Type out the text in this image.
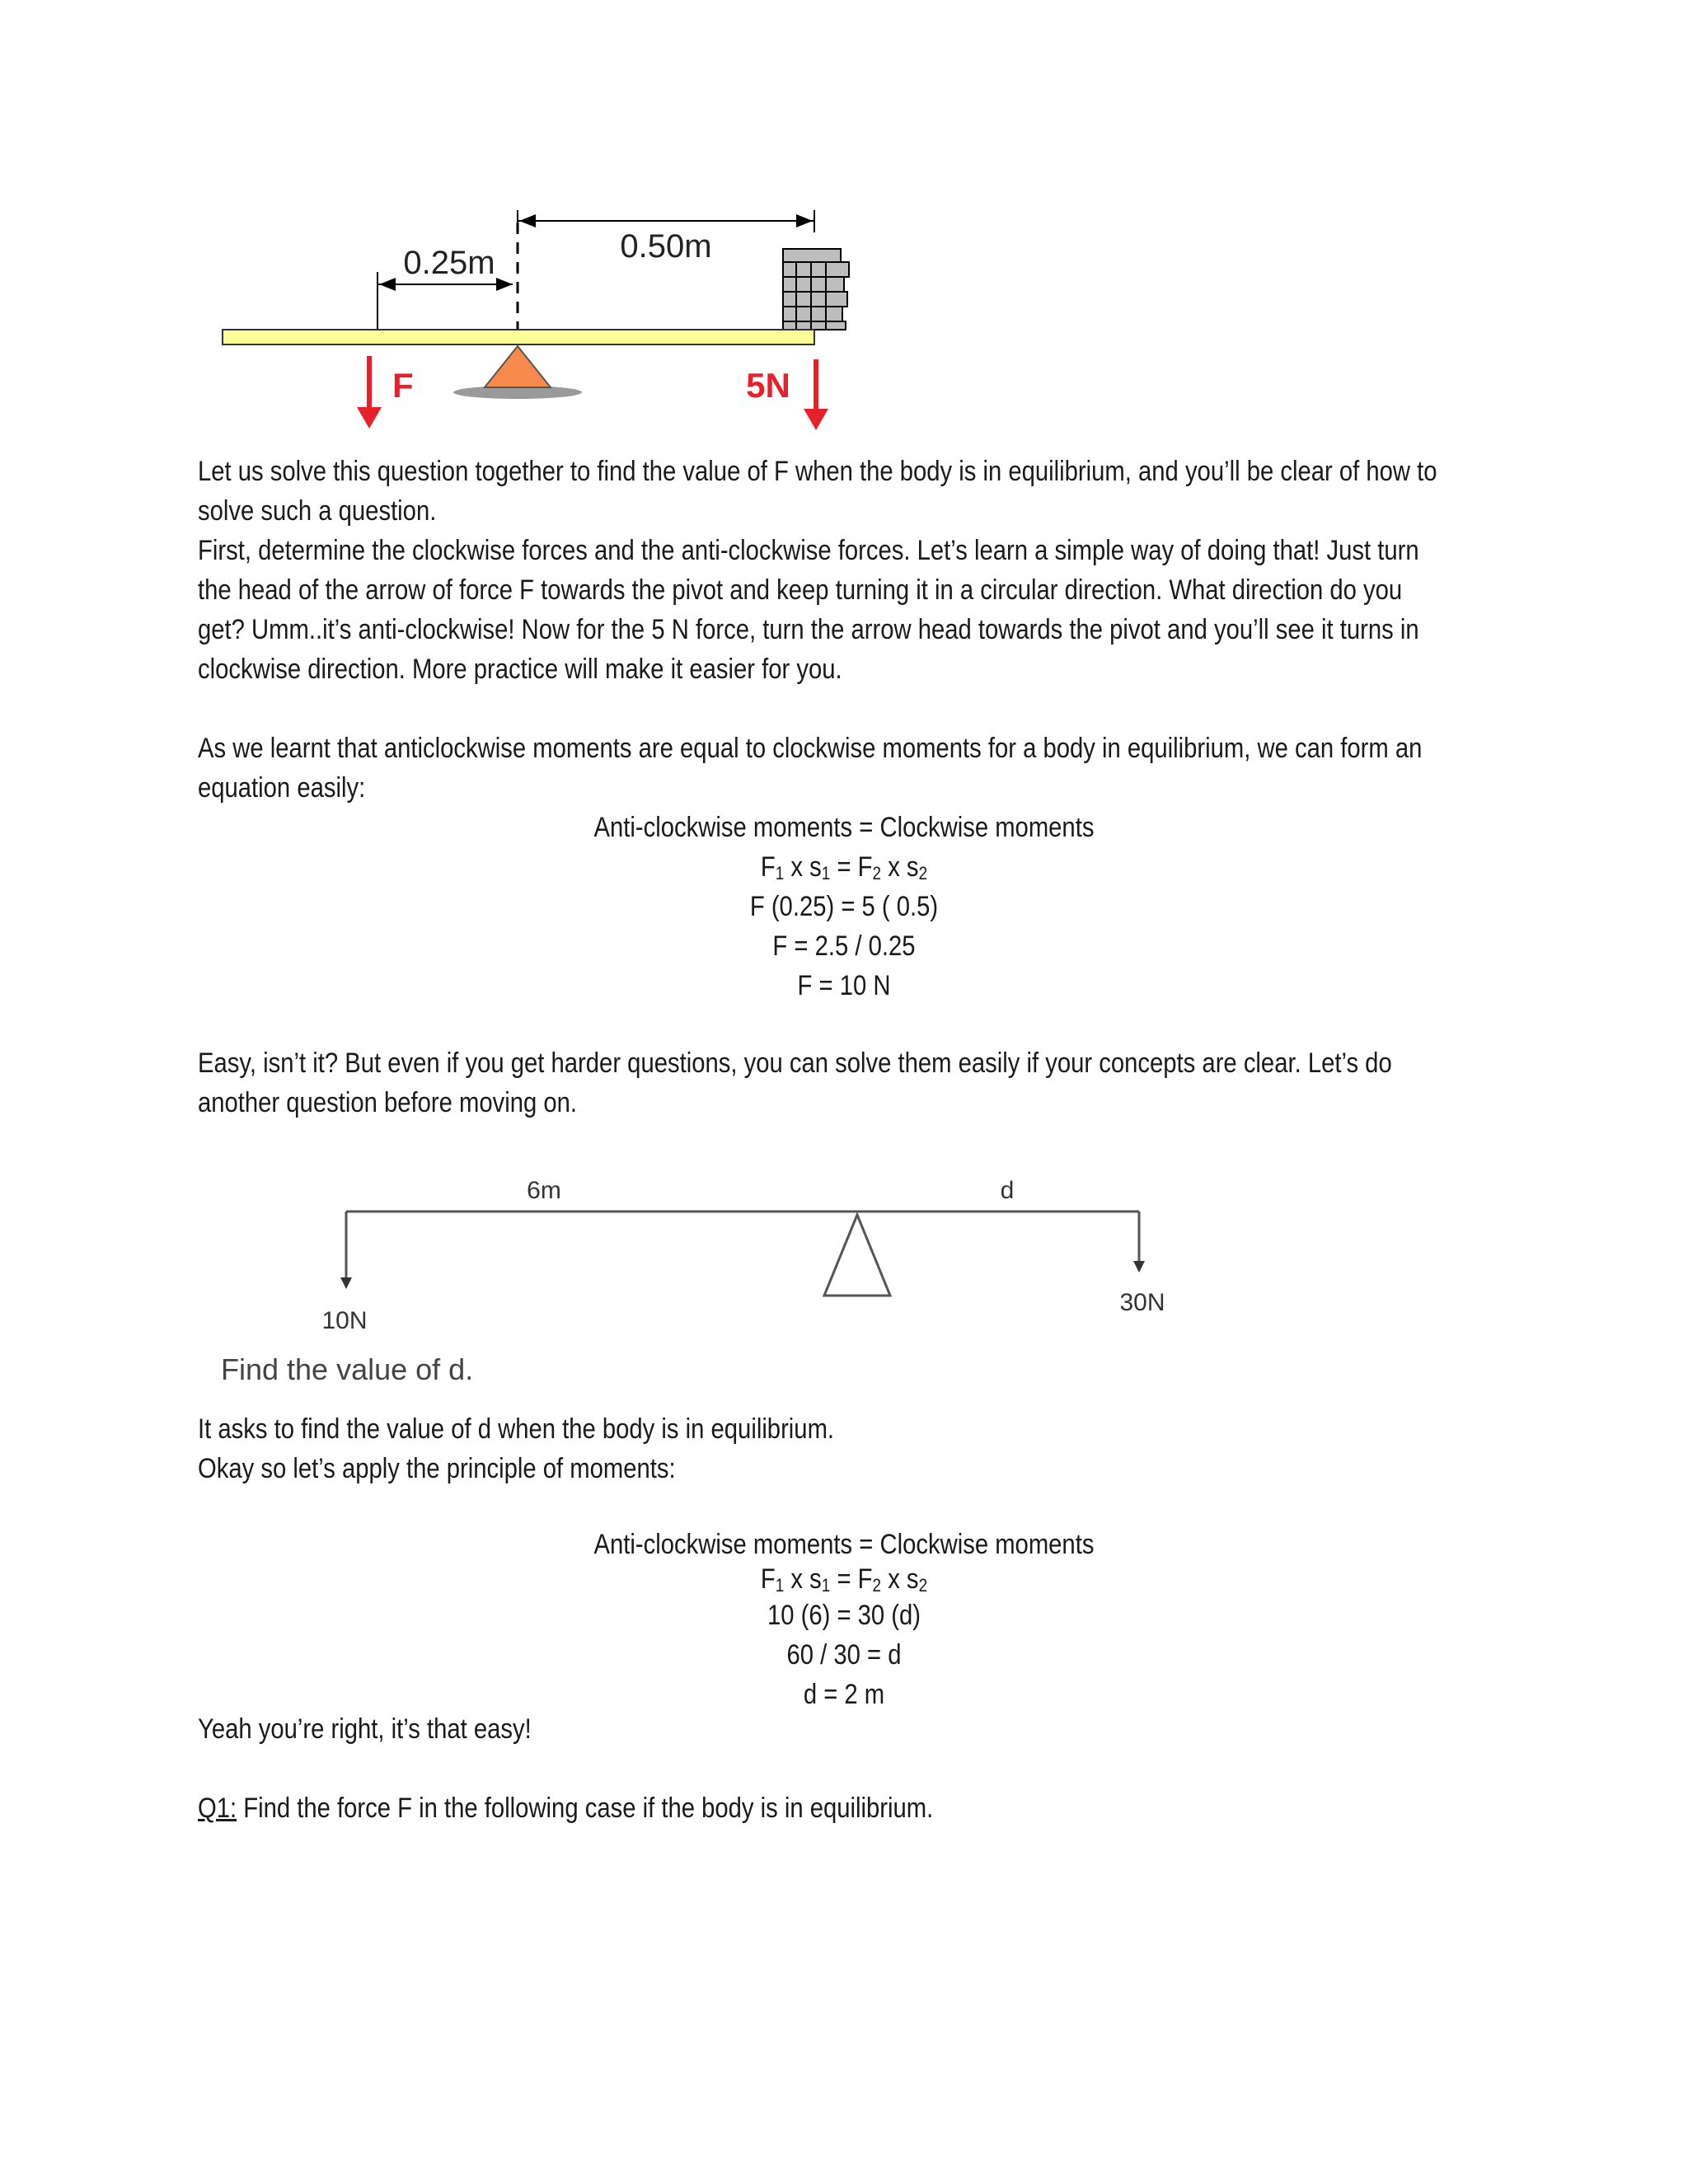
0.50m
0.25m
F	5N
Let us solve this question together to find the value of F when the body is in equilibrium, and you’ll be clear of how to
solve such a question.
First, determine the clockwise forces and the anti-clockwise forces. Let’s learn a simple way of doing that! Just turn
the head of the arrow of force F towards the pivot and keep turning it in a circular direction. What direction do you
get? Umm..it’s anti-clockwise! Now for the 5 N force, turn the arrow head towards the pivot and you’ll see it turns in
clockwise direction. More practice will make it easier for you.
As we learnt that anticlockwise moments are equal to clockwise moments for a body in equilibrium, we can form an
equation easily:
Anti-clockwise moments = Clockwise moments
$F_1$ x $s_1 = F_2$ x $s_2$
F (0.25) = 5 ( 0.5)
F = 2.5 / 0.25
F = 10 N
Easy, isn’t it? But even if you get harder questions, you can solve them easily if your concepts are clear. Let’s do
another question before moving on.
6m	d
10N
30N
Find the value of d.
It asks to find the value of d when the body is in equilibrium.
Okay so let’s apply the principle of moments:
Anti-clockwise moments = Clockwise moments
$F_1$ x $s_1 = F_2$ x $s_2$
10 (6) = 30 (d)
60 / 30 = d
d = 2 m
Yeah you’re right, it’s that easy!
Q1: Find the force F in the following case if the body is in equilibrium.
